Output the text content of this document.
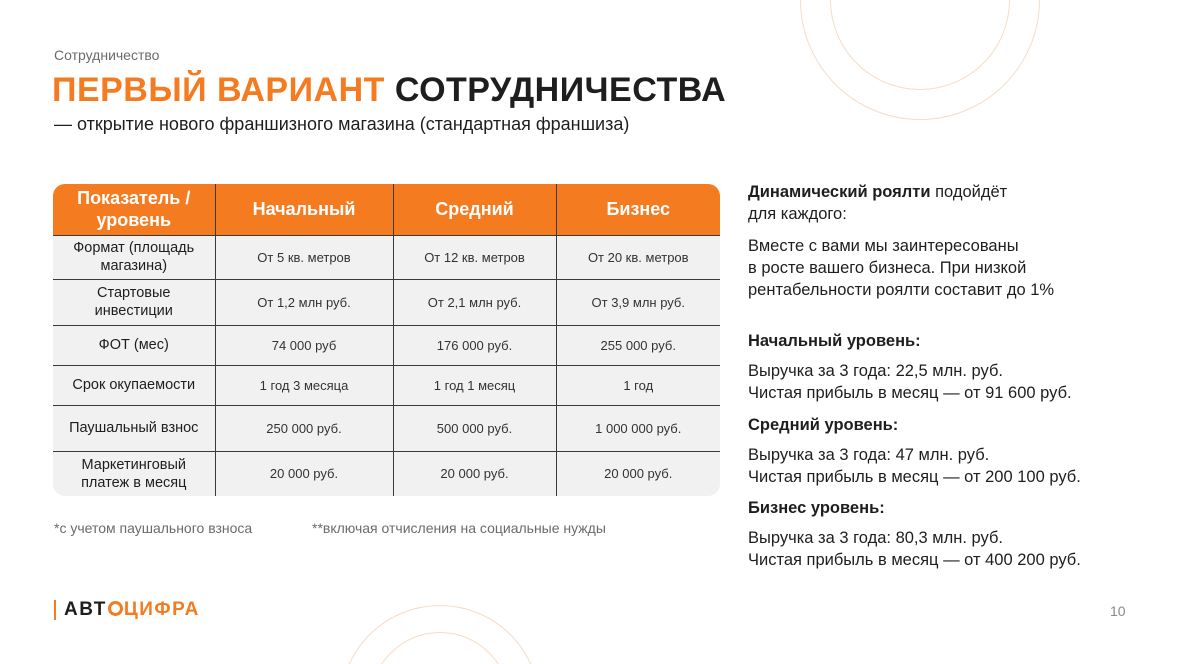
Сотрудничество
ПЕРВЫЙ ВАРИАНТ СОТРУДНИЧЕСТВА
— открытие нового франшизного магазина (стандартная франшиза)
Показатель / уровень	Начальный	Средний	Бизнес
Формат (площадь магазина)	От 5 кв. метров	От 12 кв. метров	От 20 кв. метров
Стартовые инвестиции	От 1,2 млн руб.	От 2,1 млн руб.	От 3,9 млн руб.
ФОТ (мес)	74 000 руб	176 000 руб.	255 000 руб.
Срок окупаемости	1 год 3 месяца	1 год 1 месяц	1 год
Паушальный взнос	250 000 руб.	500 000 руб.	1 000 000 руб.
Маркетинговый платеж в месяц	20 000 руб.	20 000 руб.	20 000 руб.
*с учетом паушального взноса	**включая отчисления на социальные нужды
Динамический роялти подойдёт
для каждого:
Вместе с вами мы заинтересованы
в росте вашего бизнеса. При низкой
рентабельности роялти составит до 1%
Начальный уровень:
Выручка за 3 года: 22,5 млн. руб.
Чистая прибыль в месяц — от 91 600 руб.
Средний уровень:
Выручка за 3 года: 47 млн. руб.
Чистая прибыль в месяц — от 200 100 руб.
Бизнес уровень:
Выручка за 3 года: 80,3 млн. руб.
Чистая прибыль в месяц — от 400 200 руб.
АВТ ЦИФРА	10
